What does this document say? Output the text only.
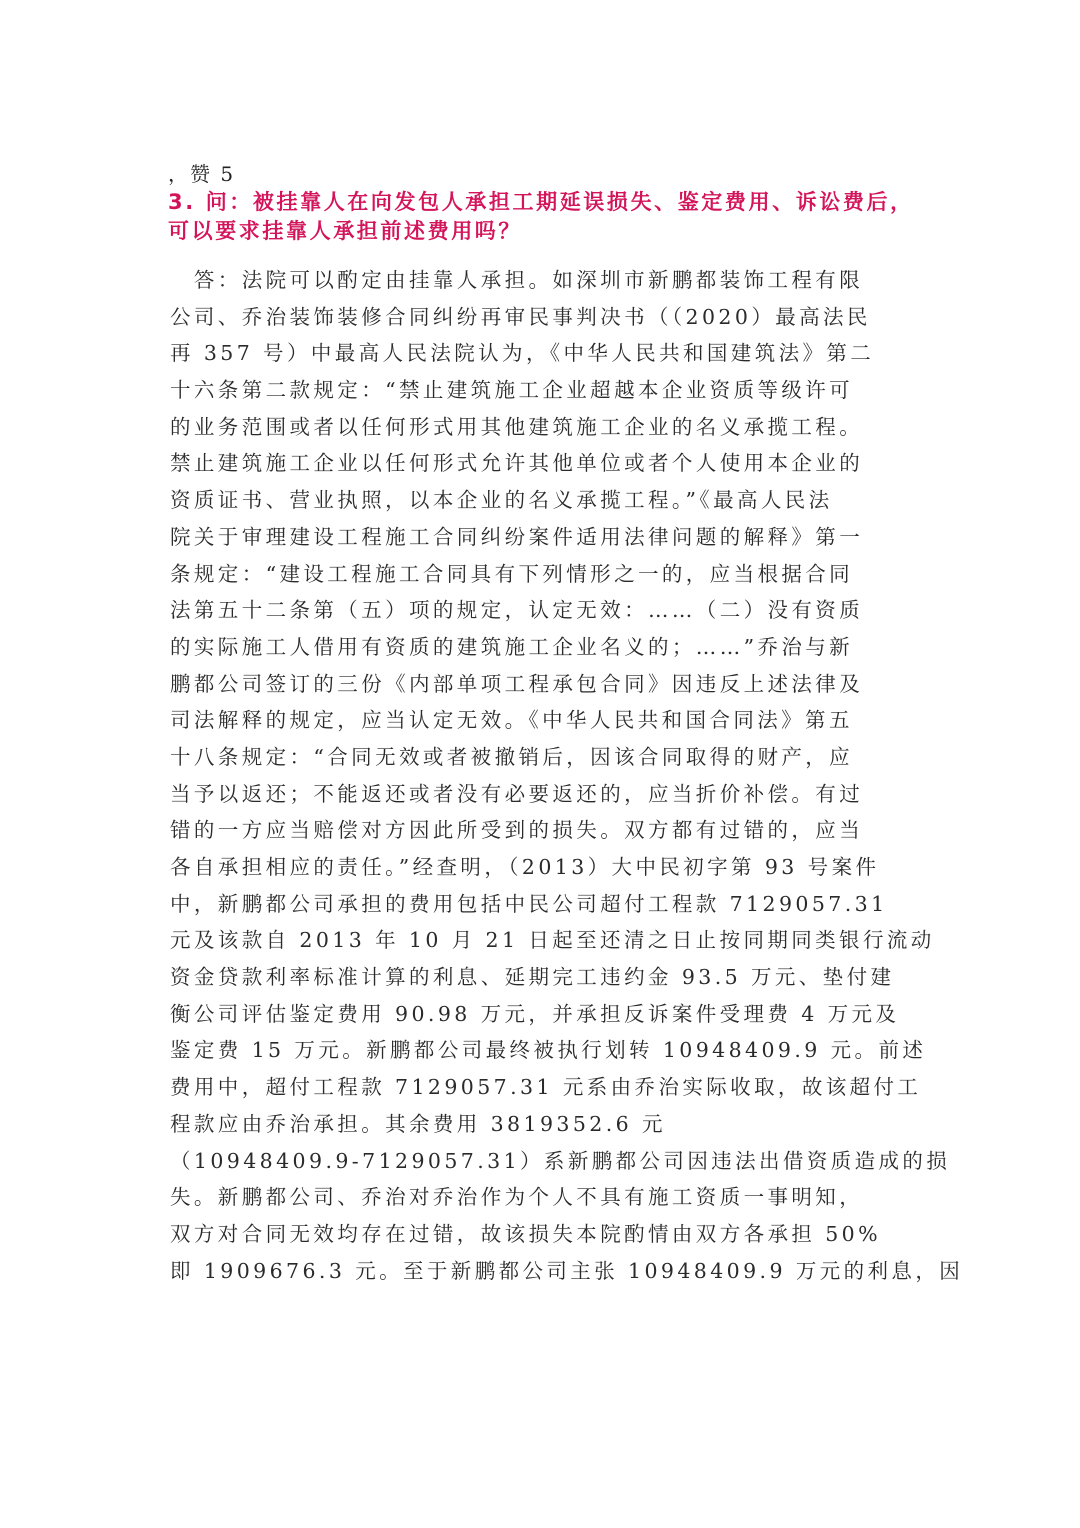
，赞 5
3. 问：被挂靠人在向发包人承担工期延误损失、鉴定费用、诉讼费后，
可以要求挂靠人承担前述费用吗？
　答：法院可以酌定由挂靠人承担。如深圳市新鹏都装饰工程有限
公司、乔治装饰装修合同纠纷再审民事判决书（（2020）最高法民
再 357 号）中最高人民法院认为，《中华人民共和国建筑法》第二
十六条第二款规定：“禁止建筑施工企业超越本企业资质等级许可
的业务范围或者以任何形式用其他建筑施工企业的名义承揽工程。
禁止建筑施工企业以任何形式允许其他单位或者个人使用本企业的
资质证书、营业执照，以本企业的名义承揽工程。”《最高人民法
院关于审理建设工程施工合同纠纷案件适用法律问题的解释》第一
条规定：“建设工程施工合同具有下列情形之一的，应当根据合同
法第五十二条第（五）项的规定，认定无效：……（二）没有资质
的实际施工人借用有资质的建筑施工企业名义的；……”乔治与新
鹏都公司签订的三份《内部单项工程承包合同》因违反上述法律及
司法解释的规定，应当认定无效。《中华人民共和国合同法》第五
十八条规定：“合同无效或者被撤销后，因该合同取得的财产，应
当予以返还；不能返还或者没有必要返还的，应当折价补偿。有过
错的一方应当赔偿对方因此所受到的损失。双方都有过错的，应当
各自承担相应的责任。”经查明，（2013）大中民初字第 93 号案件
中，新鹏都公司承担的费用包括中民公司超付工程款 7129057.31
元及该款自 2013 年 10 月 21 日起至还清之日止按同期同类银行流动
资金贷款利率标准计算的利息、延期完工违约金 93.5 万元、垫付建
衡公司评估鉴定费用 90.98 万元，并承担反诉案件受理费 4 万元及
鉴定费 15 万元。新鹏都公司最终被执行划转 10948409.9 元。前述
费用中，超付工程款 7129057.31 元系由乔治实际收取，故该超付工
程款应由乔治承担。其余费用 3819352.6 元
（10948409.9-7129057.31）系新鹏都公司因违法出借资质造成的损
失。新鹏都公司、乔治对乔治作为个人不具有施工资质一事明知，
双方对合同无效均存在过错，故该损失本院酌情由双方各承担 50%
即 1909676.3 元。至于新鹏都公司主张 10948409.9 万元的利息，因
